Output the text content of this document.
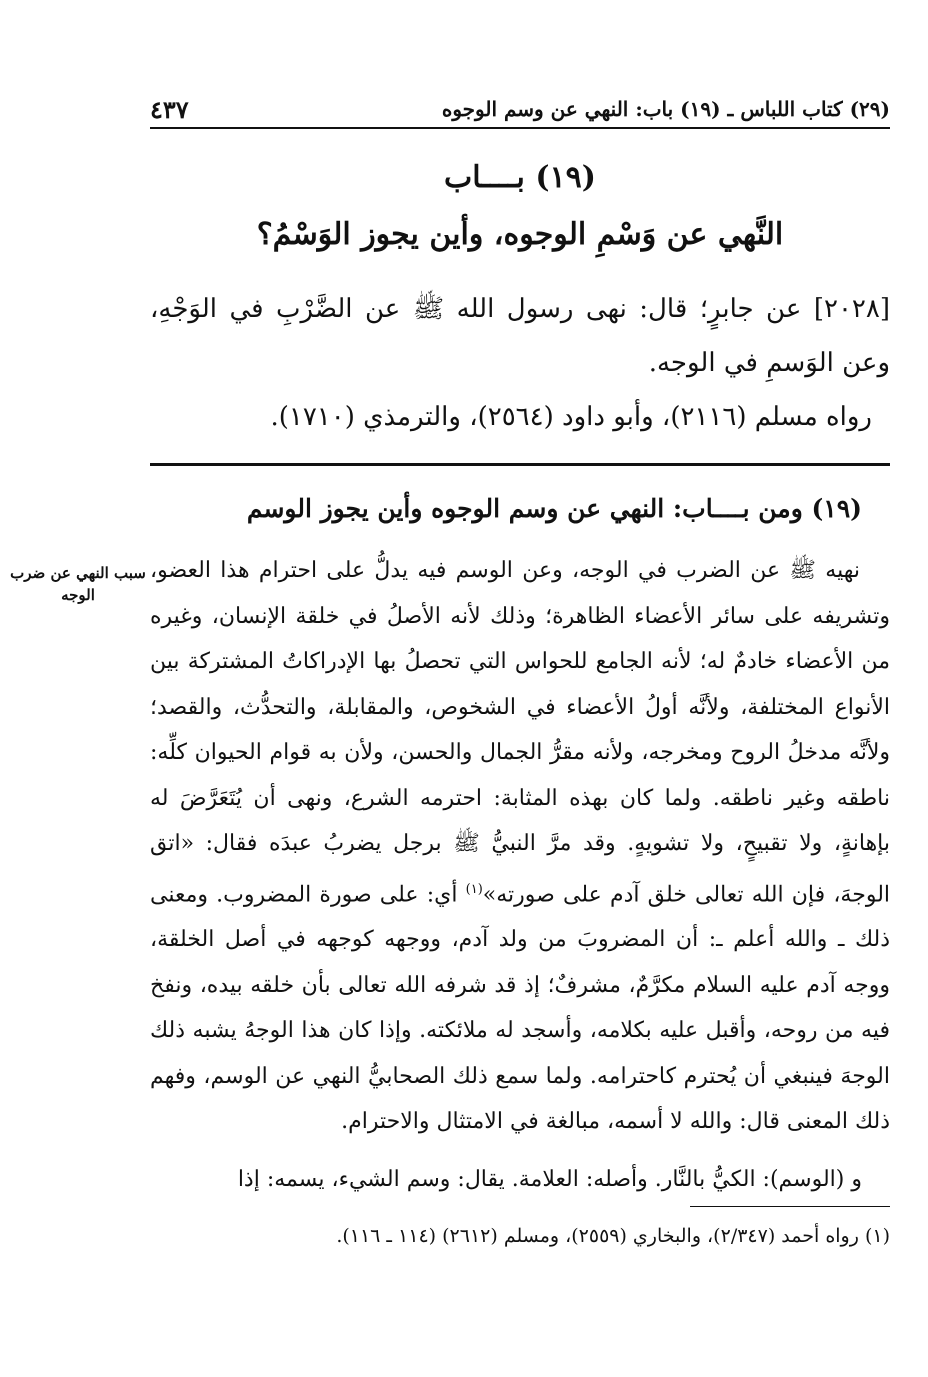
٤٣٧	(٢٩) كتاب اللباس ـ (١٩) باب: النهي عن وسم الوجوه
(١٩) بــــاب
النَّهي عن وَسْمِ الوجوه، وأين يجوز الوَسْمُ؟
[٢٠٢٨] عن جابرٍ؛ قال: نهى رسول الله ﷺ عن الضَّرْبِ في الوَجْهِ، وعن الوَسمِ في الوجه.
رواه مسلم (٢١١٦)، وأبو داود (٢٥٦٤)، والترمذي (١٧١٠).
(١٩) ومن بــــاب: النهي عن وسم الوجوه وأين يجوز الوسم
سبب النهي عن ضرب الوجه

نهيه ﷺ عن الضرب في الوجه، وعن الوسم فيه يدلُّ على احترام هذا العضو، وتشريفه على سائر الأعضاء الظاهرة؛ وذلك لأنه الأصلُ في خلقة الإنسان، وغيره من الأعضاء خادمٌ له؛ لأنه الجامع للحواس التي تحصلُ بها الإدراكاتُ المشتركة بين الأنواع المختلفة، ولأنَّه أولُ الأعضاء في الشخوص، والمقابلة، والتحدُّث، والقصد؛ ولأنَّه مدخلُ الروح ومخرجه، ولأنه مقرُّ الجمال والحسن، ولأن به قوام الحيوان كلِّه: ناطقه وغير ناطقه. ولما كان بهذه المثابة: احترمه الشرع، ونهى أن يُتَعَرَّضَ له بإهانةٍ، ولا تقبيحٍ، ولا تشويهٍ. وقد مرَّ النبيُّ ﷺ برجل يضربُ عبدَه فقال: «اتق الوجهَ، فإن الله تعالى خلق آدم على صورته»$^{(١)}$ أي: على صورة المضروب. ومعنى ذلك ـ والله أعلم ـ: أن المضروبَ من ولد آدم، ووجهه كوجهه في أصل الخلقة، ووجه آدم عليه السلام مكرَّمٌ، مشرفٌ؛ إذ قد شرفه الله تعالى بأن خلقه بيده، ونفخ فيه من روحه، وأقبل عليه بكلامه، وأسجد له ملائكته. وإذا كان هذا الوجهُ يشبه ذلك الوجهَ فينبغي أن يُحترم كاحترامه. ولما سمع ذلك الصحابيُّ النهي عن الوسم، وفهم ذلك المعنى قال: والله لا أسمه، مبالغة في الامتثال والاحترام.

و (الوسم): الكيُّ بالنَّار. وأصله: العلامة. يقال: وسم الشيء، يسمه: إذا
(١) رواه أحمد (٢/٣٤٧)، والبخاري (٢٥٥٩)، ومسلم (٢٦١٢) (١١٤ ـ ١١٦).
